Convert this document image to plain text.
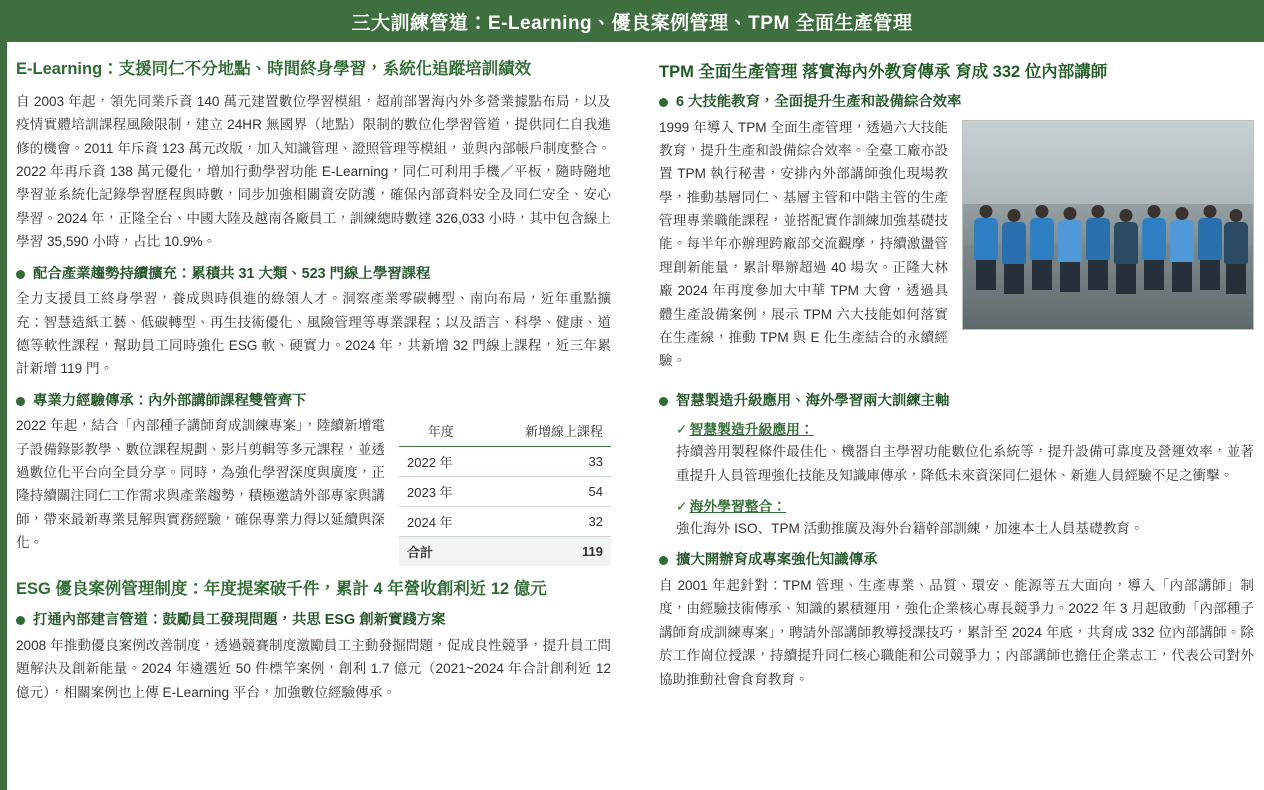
三大訓練管道：E-Learning、優良案例管理、TPM 全面生產管理
E-Learning：支援同仁不分地點、時間終身學習，系統化追蹤培訓績效

自 2003 年起，領先同業斥資 140 萬元建置數位學習模組，超前部署海內外多營業據點布局，以及疫情實體培訓課程風險限制，建立 24HR 無國界（地點）限制的數位化學習管道，提供同仁自我進修的機會。2011 年斥資 123 萬元改版，加入知識管理、證照管理等模組，並與內部帳戶制度整合。2022 年再斥資 138 萬元優化，增加行動學習功能 E-Learning，同仁可利用手機／平板，隨時隨地學習並系統化記錄學習歷程與時數，同步加強相關資安防護，確保內部資料安全及同仁安全、安心學習。2024 年，正隆全台、中國大陸及越南各廠員工，訓練總時數達 326,033 小時，其中包含線上學習 35,590 小時，占比 10.9%。

配合產業趨勢持續擴充：累積共 31 大類、523 門線上學習課程

全力支援員工終身學習，養成與時俱進的綠領人才。洞察產業零碳轉型、南向布局，近年重點擴充：智慧造紙工藝、低碳轉型、再生技術優化、風險管理等專業課程；以及語言、科學、健康、道德等軟性課程，幫助員工同時強化 ESG 軟、硬實力。2024 年，共新增 32 門線上課程，近三年累計新增 119 門。

專業力經驗傳承：內外部講師課程雙管齊下
年度	新增線上課程
2022 年	33
2023 年	54
2024 年	32
合計	119

2022 年起，結合「內部種子講師育成訓練專案」，陸續新增電子設備錄影教學、數位課程規劃、影片剪輯等多元課程，並透過數位化平台向全員分享。同時，為強化學習深度與廣度，正隆持續關注同仁工作需求與產業趨勢，積極邀請外部專家與講師，帶來最新專業見解與實務經驗，確保專業力得以延續與深化。

ESG 優良案例管理制度：年度提案破千件，累計 4 年營收創利近 12 億元
打通內部建言管道：鼓勵員工發現問題，共思 ESG 創新實踐方案

2008 年推動優良案例改善制度，透過競賽制度激勵員工主動發掘問題，促成良性競爭，提升員工問題解決及創新能量。2024 年遴選近 50 件標竿案例，創利 1.7 億元（2021~2024 年合計創利近 12 億元），相關案例也上傳 E-Learning 平台，加強數位經驗傳承。

TPM 全面生產管理 落實海內外教育傳承 育成 332 位內部講師
6 大技能教育，全面提升生產和設備綜合效率

1999 年導入 TPM 全面生產管理，透過六大技能教育，提升生產和設備綜合效率。全臺工廠亦設置 TPM 執行秘書，安排內外部講師強化現場教學，推動基層同仁、基層主管和中階主管的生產管理專業職能課程，並搭配實作訓練加強基礎技能。每半年亦辦理跨廠部交流觀摩，持續激盪管理創新能量，累計舉辦超過 40 場次。正隆大林廠 2024 年再度參加大中華 TPM 大會，透過具體生產設備案例，展示 TPM 六大技能如何落實在生產線，推動 TPM 與 E 化生產結合的永續經驗。

智慧製造升級應用、海外學習兩大訓練主軸
✓ 智慧製造升級應用：

持續善用製程條件最佳化、機器自主學習功能數位化系統等，提升設備可靠度及營運效率，並著重提升人員管理強化技能及知識庫傳承，降低未來資深同仁退休、新進人員經驗不足之衝擊。

✓ 海外學習整合：

強化海外 ISO、TPM 活動推廣及海外台籍幹部訓練，加速本土人員基礎教育。

擴大開辦育成專案強化知識傳承

自 2001 年起針對：TPM 管理、生產專業、品質、環安、能源等五大面向，導入「內部講師」制度，由經驗技術傳承、知識的累積運用，強化企業核心專長競爭力。2022 年 3 月起啟動「內部種子講師育成訓練專案」，聘請外部講師教導授課技巧，累計至 2024 年底，共育成 332 位內部講師。除於工作崗位授課，持續提升同仁核心職能和公司競爭力；內部講師也擔任企業志工，代表公司對外協助推動社會食育教育。
